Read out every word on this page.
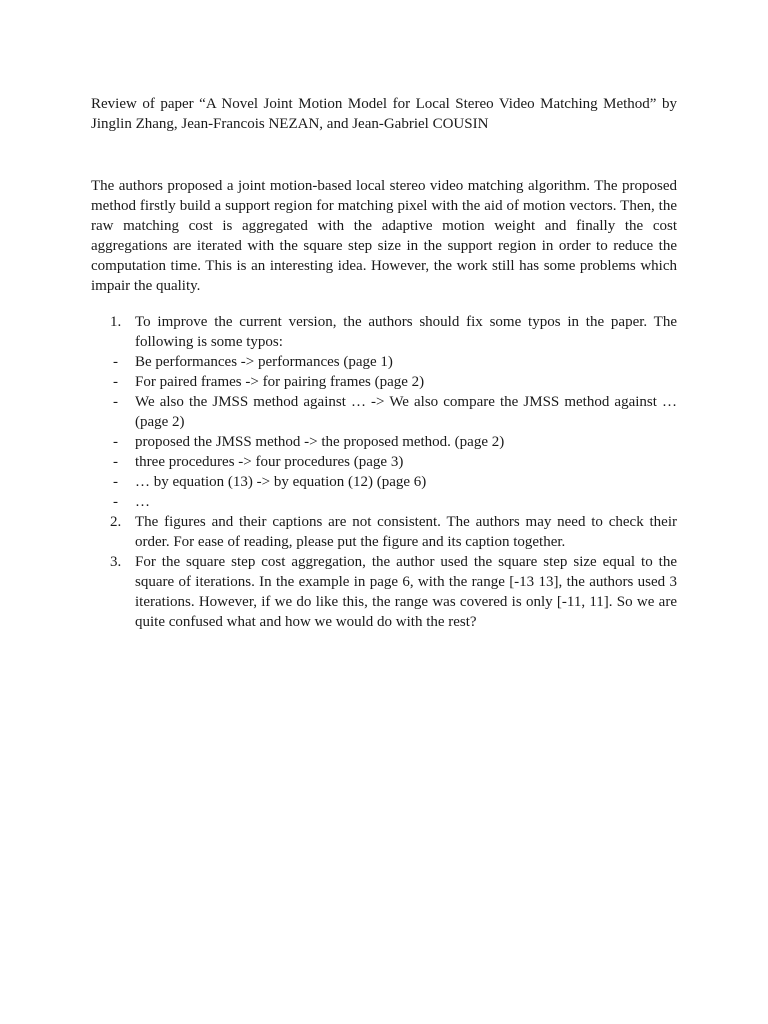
Review of paper “A Novel Joint Motion Model for Local Stereo Video Matching Method” by Jinglin Zhang, Jean-Francois NEZAN, and Jean-Gabriel COUSIN
The authors proposed a joint motion-based local stereo video matching algorithm. The proposed method firstly build a support region for matching pixel with the aid of motion vectors. Then, the raw matching cost is aggregated with the adaptive motion weight and finally the cost aggregations are iterated with the square step size in the support region in order to reduce the computation time. This is an interesting idea. However, the work still has some problems which impair the quality.
1. To improve the current version, the authors should fix some typos in the paper. The following is some typos:
-	Be performances -> performances (page 1)
-	For paired frames -> for pairing frames (page 2)
-	We also the JMSS method against … -> We also compare the JMSS method against … (page 2)
-	proposed the JMSS method -> the proposed method. (page 2)
-	three procedures -> four procedures (page 3)
-	… by equation (13) -> by equation (12) (page 6)
-	…
2. The figures and their captions are not consistent. The authors may need to check their order. For ease of reading, please put the figure and its caption together.
3. For the square step cost aggregation, the author used the square step size equal to the square of iterations. In the example in page 6, with the range [-13 13], the authors used 3 iterations. However, if we do like this, the range was covered is only [-11, 11]. So we are quite confused what and how we would do with the rest?
